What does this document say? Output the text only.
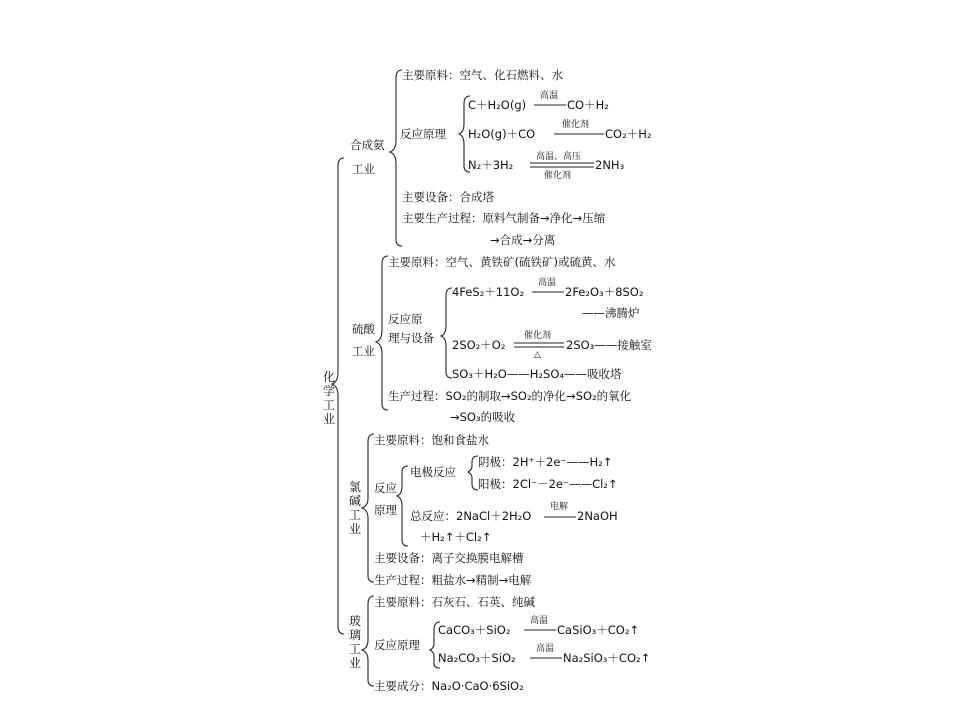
化学工业
合成氨
工业
主要原料：空气、化石燃料、水
反应原理
C＋H₂O(g)
高温
CO＋H₂
H₂O(g)＋CO
催化剂
CO₂＋H₂
N₂＋3H₂
高温、高压
催化剂
2NH₃
主要设备：合成塔
主要生产过程：原料气制备→净化→压缩
→合成→分离
硫酸
工业
主要原料：空气、黄铁矿(硫铁矿)或硫黄、水
反应原
理与设备
4FeS₂＋11O₂
高温
2Fe₂O₃＋8SO₂
——沸腾炉
2SO₂＋O₂
催化剂
△
2SO₃——接触室
SO₃＋H₂O——H₂SO₄——吸收塔
生产过程：SO₂的制取→SO₂的净化→SO₂的氧化
→SO₃的吸收
氯碱工业
主要原料：饱和食盐水
反应
原理
电极反应
阴极：2H⁺＋2e⁻——H₂↑
阳极：2Cl⁻－2e⁻——Cl₂↑
总反应：2NaCl＋2H₂O
电解
2NaOH
＋H₂↑＋Cl₂↑
主要设备：离子交换膜电解槽
生产过程：粗盐水→精制→电解
玻璃工业
主要原料：石灰石、石英、纯碱
反应原理
CaCO₃＋SiO₂
高温
CaSiO₃＋CO₂↑
Na₂CO₃＋SiO₂
高温
Na₂SiO₃＋CO₂↑
主要成分：Na₂O·CaO·6SiO₂
